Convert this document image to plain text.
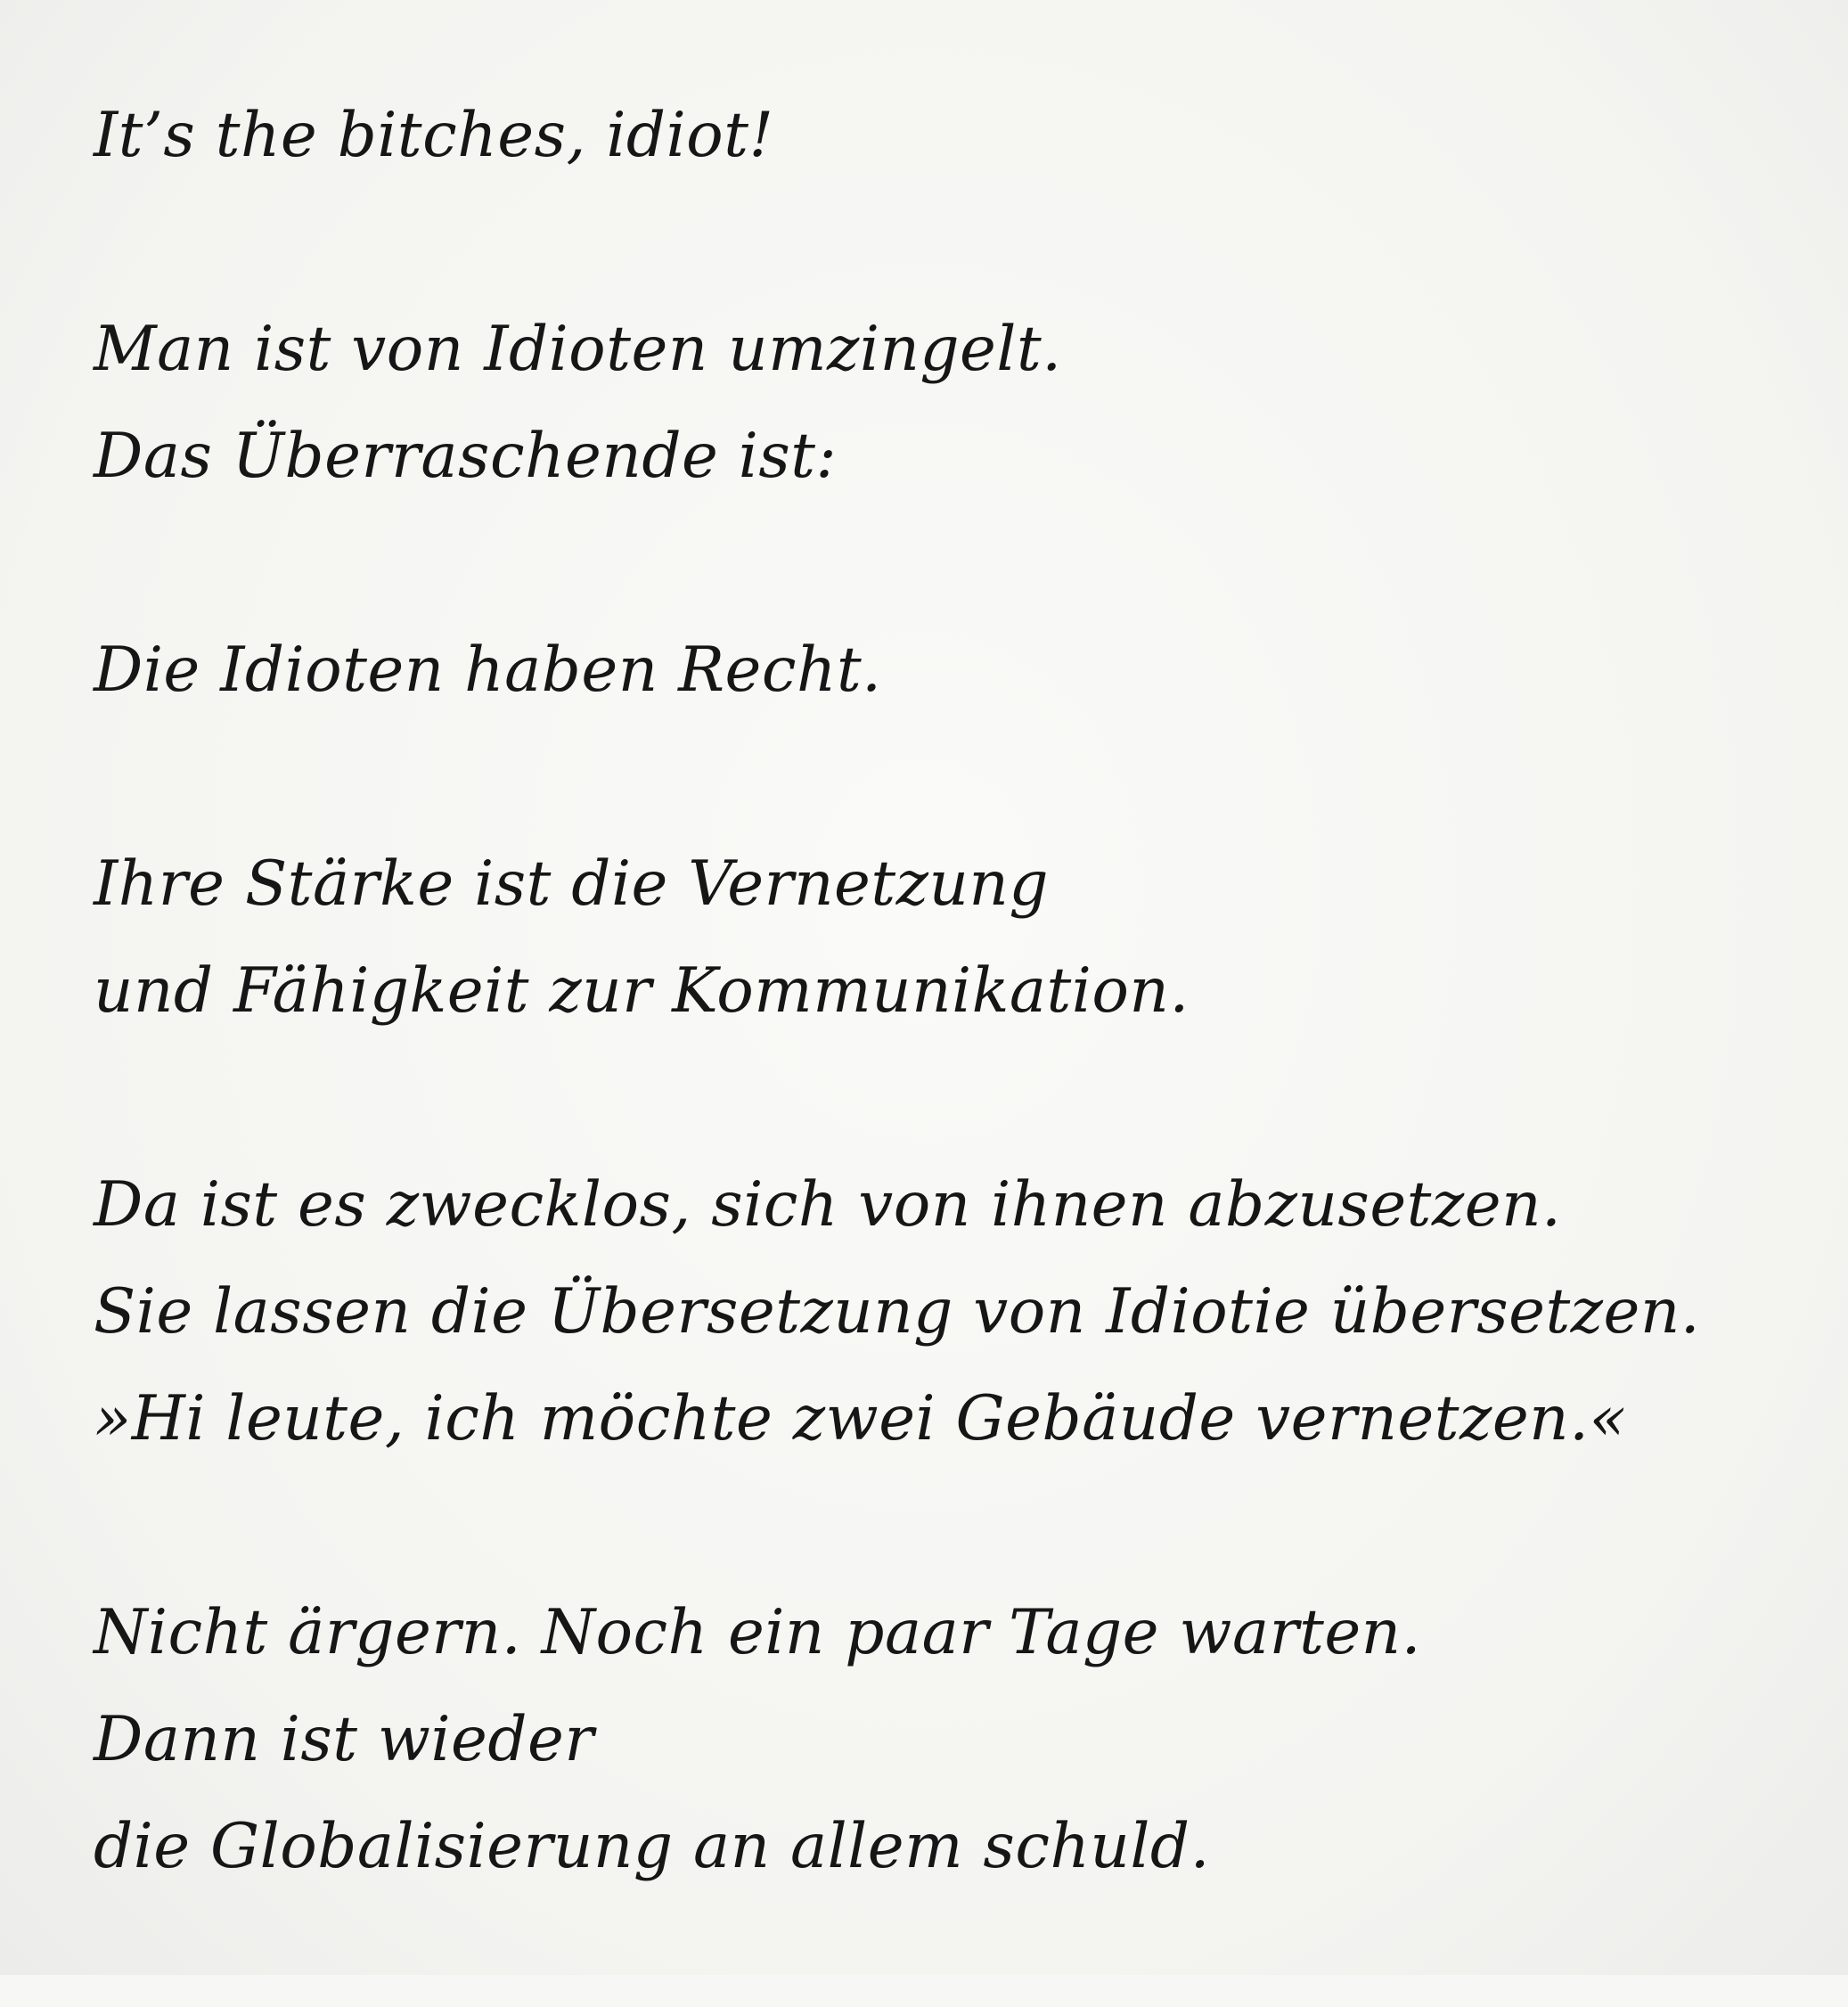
It’s the bitches, idiot!
Man ist von Idioten umzingelt.
Das Überraschende ist:
Die Idioten haben Recht.
Ihre Stärke ist die Vernetzung
und Fähigkeit zur Kommunikation.
Da ist es zwecklos, sich von ihnen abzusetzen.
Sie lassen die Übersetzung von Idiotie übersetzen.
»Hi leute, ich möchte zwei Gebäude vernetzen.«
Nicht ärgern. Noch ein paar Tage warten.
Dann ist wieder
die Globalisierung an allem schuld.
